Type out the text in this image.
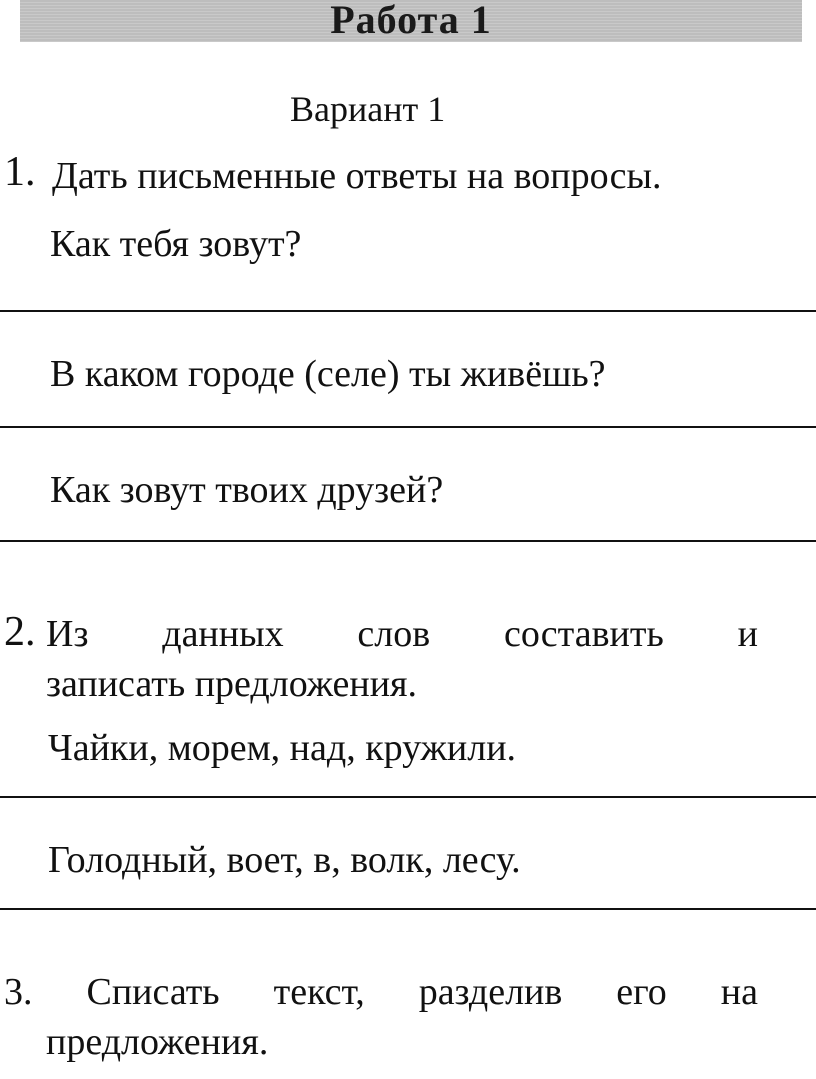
Работа 1
Вариант 1
1. Дать письменные ответы на вопросы.
Как тебя зовут?
В каком городе (селе) ты живёшь?
Как зовут твоих друзей?
2. Из данных слов составить и
записать предложения.
Чайки, морем, над, кружили.
Голодный, воет, в, волк, лесу.
3. Списать текст, разделив его на
предложения.
